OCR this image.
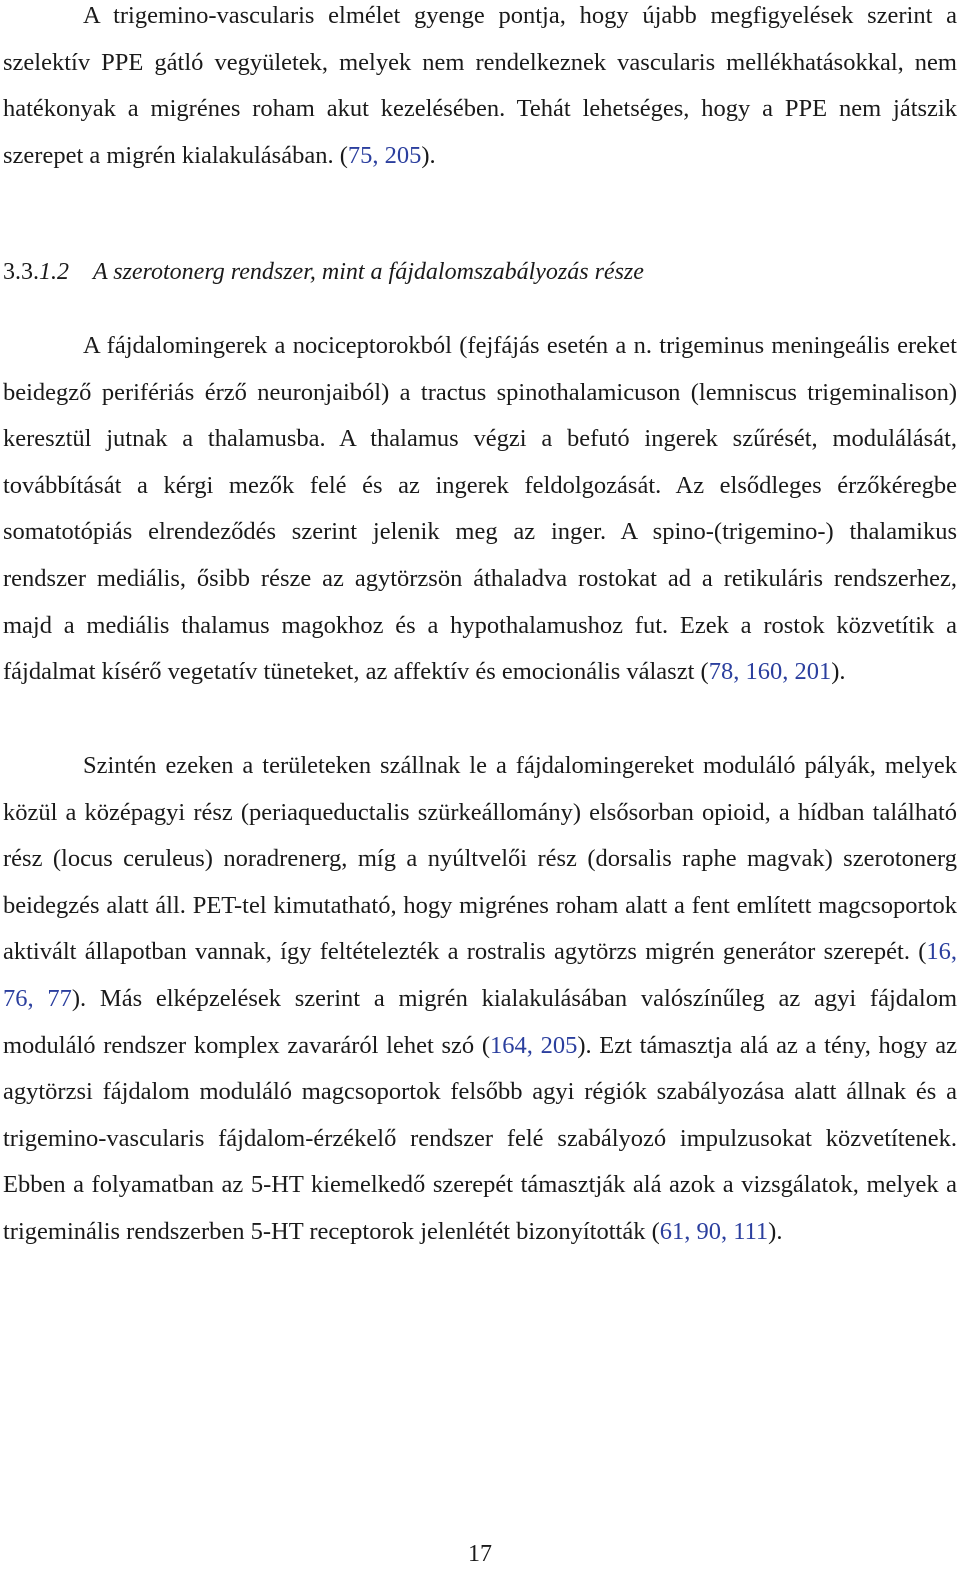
A trigemino-vascularis elmélet gyenge pontja, hogy újabb megfigyelések szerint a szelektív PPE gátló vegyületek, melyek nem rendelkeznek vascularis mellékhatásokkal, nem hatékonyak a migrénes roham akut kezelésében. Tehát lehetséges, hogy a PPE nem játszik szerepet a migrén kialakulásában. (75, 205).

3.3.1.2 A szerotonerg rendszer, mint a fájdalomszabályozás része

A fájdalomingerek a nociceptorokból (fejfájás esetén a n. trigeminus meningeális ereket beidegző perifériás érző neuronjaiból) a tractus spinothalamicuson (lemniscus trigeminalison) keresztül jutnak a thalamusba. A thalamus végzi a befutó ingerek szűrését, modulálását, továbbítását a kérgi mezők felé és az ingerek feldolgozását. Az elsődleges érzőkéregbe somatotópiás elrendeződés szerint jelenik meg az inger. A spino-(trigemino-) thalamikus rendszer mediális, ősibb része az agytörzsön áthaladva rostokat ad a retikuláris rendszerhez, majd a mediális thalamus magokhoz és a hypothalamushoz fut. Ezek a rostok közvetítik a fájdalmat kísérő vegetatív tüneteket, az affektív és emocionális választ (78, 160, 201).

Szintén ezeken a területeken szállnak le a fájdalomingereket moduláló pályák, melyek közül a középagyi rész (periaqueductalis szürkeállomány) elsősorban opioid, a hídban található rész (locus ceruleus) noradrenerg, míg a nyúltvelői rész (dorsalis raphe magvak) szerotonerg beidegzés alatt áll. PET-tel kimutatható, hogy migrénes roham alatt a fent említett magcsoportok aktivált állapotban vannak, így feltételezték a rostralis agytörzs migrén generátor szerepét. (16, 76, 77). Más elképzelések szerint a migrén kialakulásában valószínűleg az agyi fájdalom moduláló rendszer komplex zavaráról lehet szó (164, 205). Ezt támasztja alá az a tény, hogy az agytörzsi fájdalom moduláló magcsoportok felsőbb agyi régiók szabályozása alatt állnak és a trigemino-vascularis fájdalom-érzékelő rendszer felé szabályozó impulzusokat közvetítenek. Ebben a folyamatban az 5-HT kiemelkedő szerepét támasztják alá azok a vizsgálatok, melyek a trigeminális rendszerben 5-HT receptorok jelenlétét bizonyították (61, 90, 111).

17
